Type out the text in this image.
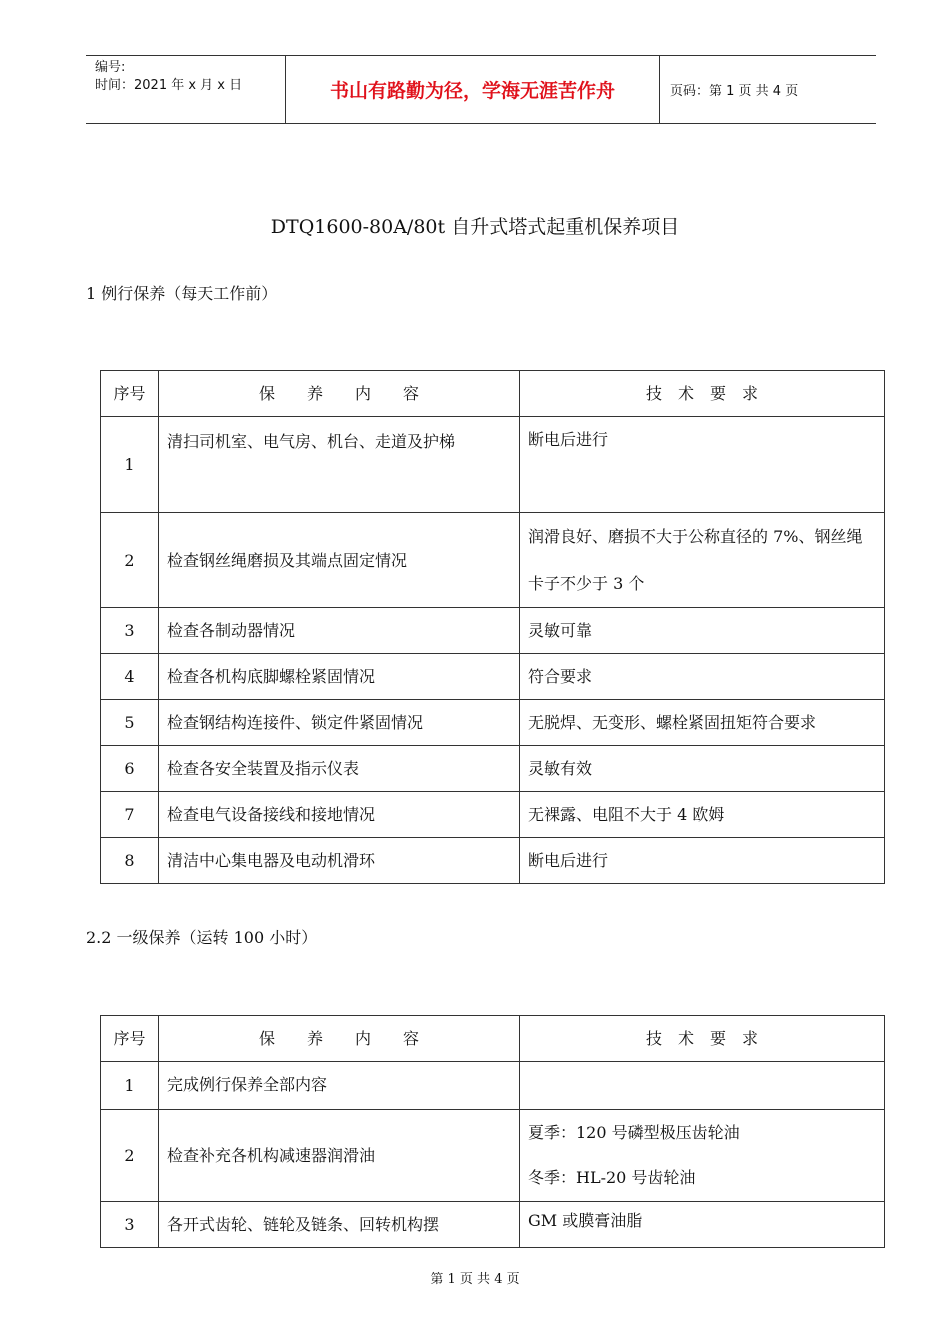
编号:
时间：2021 年 x 月 x 日	书山有路勤为径，学海无涯苦作舟	页码：第 1 页 共 4 页
DTQ1600-80A/80t 自升式塔式起重机保养项目
1 例行保养（每天工作前）
序号	保　　养　　内　　容	技　术　要　求
1	清扫司机室、电气房、机台、走道及护梯	断电后进行
2	检查钢丝绳磨损及其端点固定情况	润滑良好、磨损不大于公称直径的 7%、钢丝绳卡子不少于 3 个
3	检查各制动器情况	灵敏可靠
4	检查各机构底脚螺栓紧固情况	符合要求
5	检查钢结构连接件、锁定件紧固情况	无脱焊、无变形、螺栓紧固扭矩符合要求
6	检查各安全装置及指示仪表	灵敏有效
7	检查电气设备接线和接地情况	无裸露、电阻不大于 4 欧姆
8	清洁中心集电器及电动机滑环	断电后进行
2.2 一级保养（运转 100 小时）
序号	保　　养　　内　　容	技　术　要　求
1	完成例行保养全部内容	
2	检查补充各机构减速器润滑油	夏季：120 号磷型极压齿轮油
冬季：HL-20 号齿轮油

3	各开式齿轮、链轮及链条、回转机构摆	GM 或膜膏油脂
第 1 页 共 4 页
